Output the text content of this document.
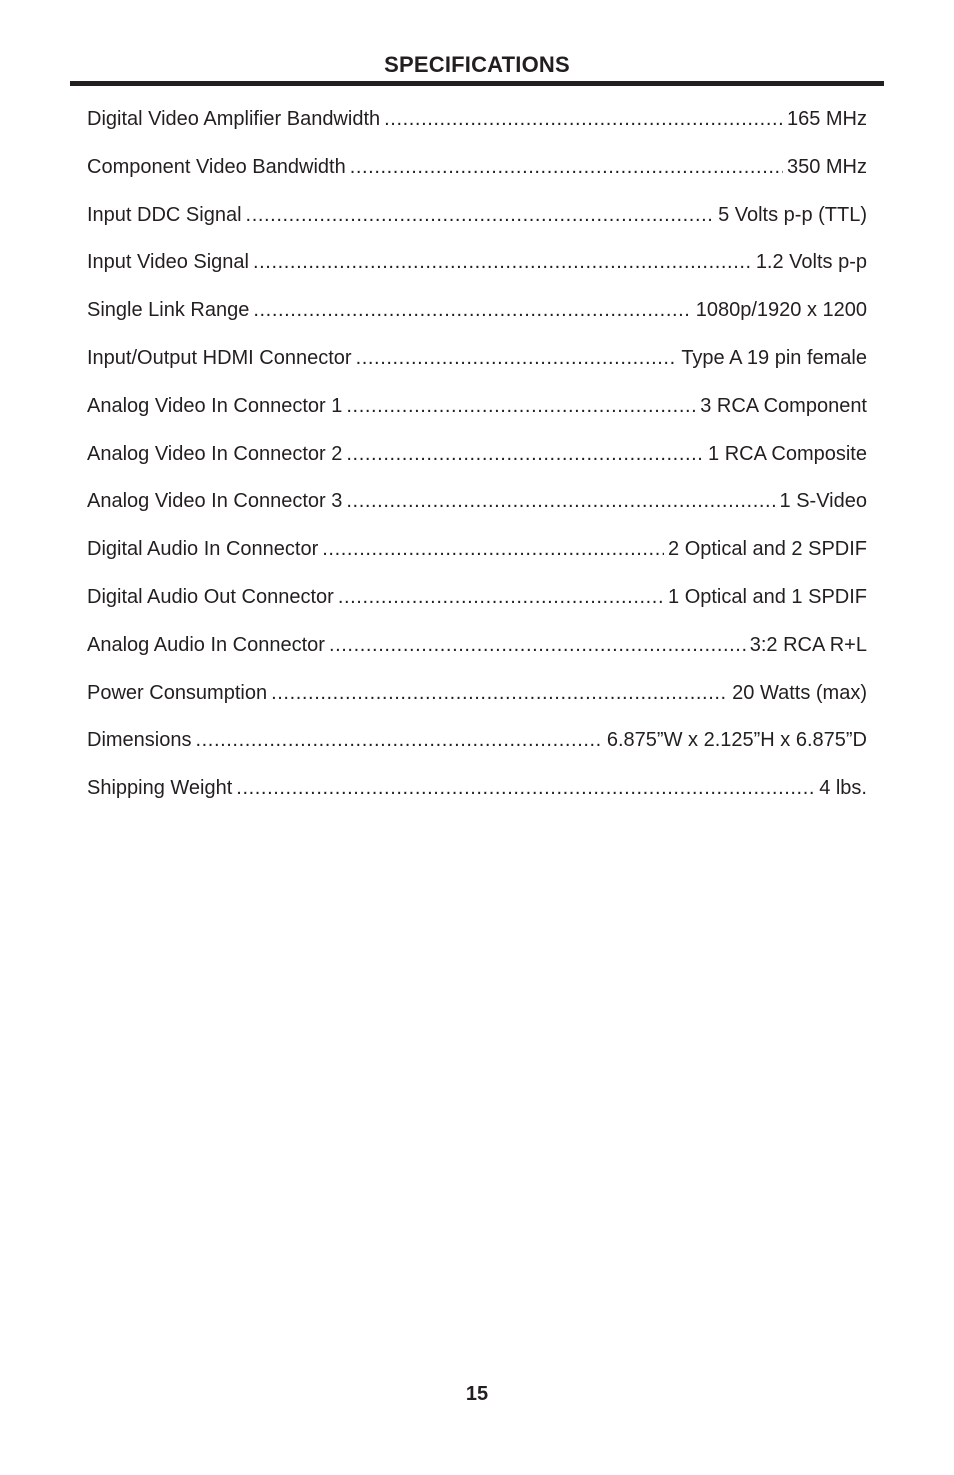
SPECIFICATIONS
Digital Video Amplifier Bandwidth .....	165 MHz
Component Video Bandwidth .....	350 MHz
Input DDC Signal .....	5 Volts p-p (TTL)
Input Video Signal .....	1.2 Volts p-p
Single Link Range .....	1080p/1920 x 1200
Input/Output HDMI Connector .....	Type A 19 pin female
Analog Video In Connector 1 .....	3 RCA Component
Analog Video In Connector 2 .....	1 RCA Composite
Analog Video In Connector 3 .....	1 S-Video
Digital Audio In Connector .....	2 Optical and 2 SPDIF
Digital Audio Out Connector .....	1 Optical and 1 SPDIF
Analog Audio In Connector .....	3:2 RCA R+L
Power Consumption .....	20 Watts (max)
Dimensions .....	6.875”W x 2.125”H x 6.875”D
Shipping Weight .....	4 lbs.
15
